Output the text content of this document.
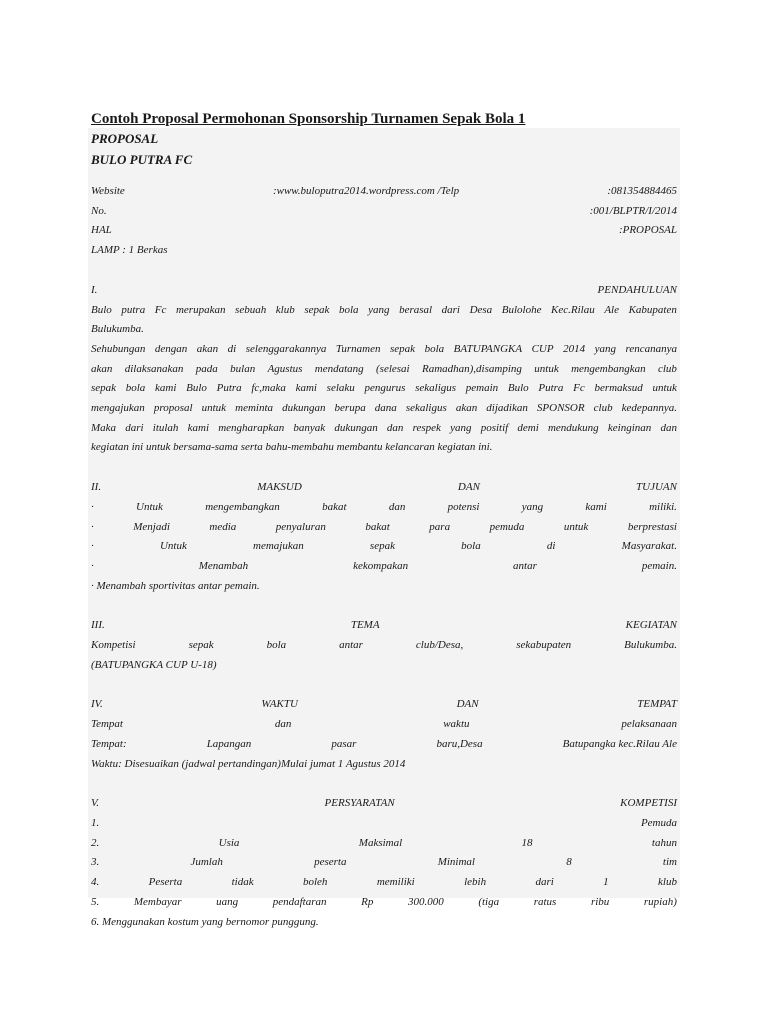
Contoh Proposal Permohonan Sponsorship Turnamen Sepak Bola 1
PROPOSAL
BULO PUTRA FC
Website	:www.buloputra2014.wordpress.com /Telp	:081354884465
No.	:001/BLPTR/I/2014
HAL	:PROPOSAL
LAMP : 1 Berkas
I.	PENDAHULUAN
Bulo putra Fc merupakan sebuah klub sepak bola yang berasal dari Desa Bulolohe Kec.Rilau Ale Kabupaten
Bulukumba.
Sehubungan dengan akan di selenggarakannya Turnamen sepak bola BATUPANGKA CUP 2014 yang rencananya
akan dilaksanakan pada bulan Agustus mendatang (selesai Ramadhan),disamping untuk mengembangkan club
sepak bola kami Bulo Putra fc,maka kami selaku pengurus sekaligus pemain Bulo Putra Fc bermaksud untuk
mengajukan proposal untuk meminta dukungan berupa dana sekaligus akan dijadikan SPONSOR club kedepannya.
Maka dari itulah kami mengharapkan banyak dukungan dan respek yang positif demi mendukung keinginan dan
kegiatan ini untuk bersama-sama serta bahu-membahu membantu kelancaran kegiatan ini.
II.	MAKSUD	DAN	TUJUAN
·	Untuk	mengembangkan	bakat	dan	potensi	yang	kami	miliki.
·	Menjadi	media	penyaluran	bakat	para	pemuda	untuk	berprestasi
·	Untuk	memajukan	sepak	bola	di	Masyarakat.
·	Menambah	kekompakan	antar	pemain.
· Menambah sportivitas antar pemain.
III.	TEMA	KEGIATAN
Kompetisi	sepak	bola	antar	club/Desa,	sekabupaten	Bulukumba.
(BATUPANGKA CUP U-18)
IV.	WAKTU	DAN	TEMPAT
Tempat	dan	waktu	pelaksanaan
Tempat:	Lapangan	pasar	baru,Desa	Batupangka kec.Rilau Ale
Waktu: Disesuaikan (jadwal pertandingan)Mulai jumat 1 Agustus 2014
V.	PERSYARATAN	KOMPETISI
1.	Pemuda
2.	Usia	Maksimal	18	tahun
3.	Jumlah	peserta	Minimal	8	tim
4.	Peserta	tidak	boleh	memiliki	lebih	dari	1	klub
5.	Membayar	uang	pendaftaran	Rp	300.000	(tiga	ratus	ribu	rupiah)
6. Menggunakan kostum yang bernomor punggung.
